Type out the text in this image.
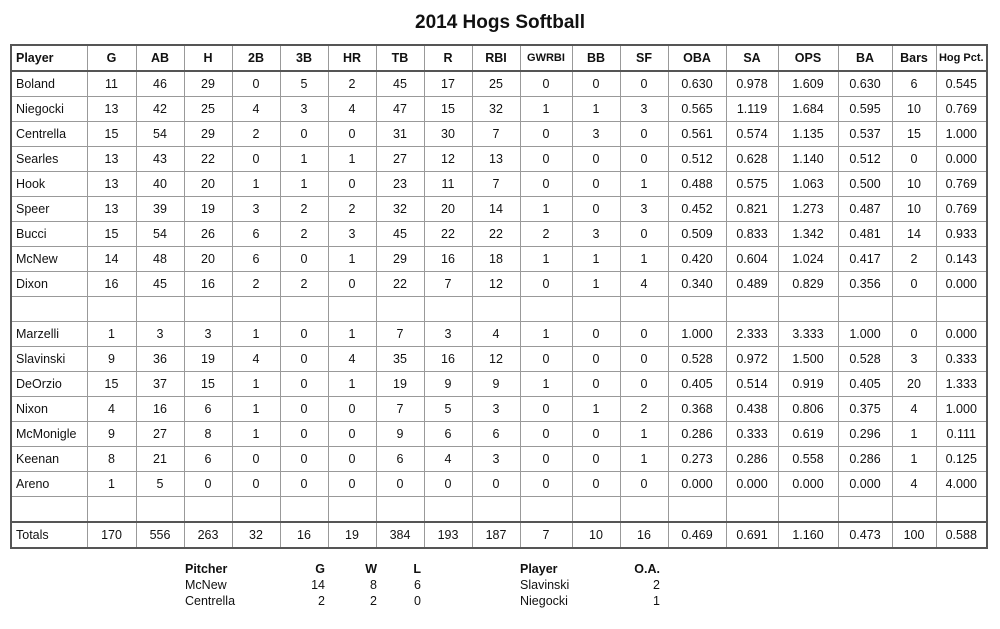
2014 Hogs Softball
Player	G	AB	H	2B	3B	HR	TB	R	RBI	GWRBI	BB	SF	OBA	SA	OPS	BA	Bars	Hog Pct.
Boland	11	46	29	0	5	2	45	17	25	0	0	0	0.630	0.978	1.609	0.630	6	0.545
Niegocki	13	42	25	4	3	4	47	15	32	1	1	3	0.565	1.119	1.684	0.595	10	0.769
Centrella	15	54	29	2	0	0	31	30	7	0	3	0	0.561	0.574	1.135	0.537	15	1.000
Searles	13	43	22	0	1	1	27	12	13	0	0	0	0.512	0.628	1.140	0.512	0	0.000
Hook	13	40	20	1	1	0	23	11	7	0	0	1	0.488	0.575	1.063	0.500	10	0.769
Speer	13	39	19	3	2	2	32	20	14	1	0	3	0.452	0.821	1.273	0.487	10	0.769
Bucci	15	54	26	6	2	3	45	22	22	2	3	0	0.509	0.833	1.342	0.481	14	0.933
McNew	14	48	20	6	0	1	29	16	18	1	1	1	0.420	0.604	1.024	0.417	2	0.143
Dixon	16	45	16	2	2	0	22	7	12	0	1	4	0.340	0.489	0.829	0.356	0	0.000

Marzelli	1	3	3	1	0	1	7	3	4	1	0	0	1.000	2.333	3.333	1.000	0	0.000
Slavinski	9	36	19	4	0	4	35	16	12	0	0	0	0.528	0.972	1.500	0.528	3	0.333
DeOrzio	15	37	15	1	0	1	19	9	9	1	0	0	0.405	0.514	0.919	0.405	20	1.333
Nixon	4	16	6	1	0	0	7	5	3	0	1	2	0.368	0.438	0.806	0.375	4	1.000
McMonigle	9	27	8	1	0	0	9	6	6	0	0	1	0.286	0.333	0.619	0.296	1	0.111
Keenan	8	21	6	0	0	0	6	4	3	0	0	1	0.273	0.286	0.558	0.286	1	0.125
Areno	1	5	0	0	0	0	0	0	0	0	0	0	0.000	0.000	0.000	0.000	4	4.000

Totals	170	556	263	32	16	19	384	193	187	7	10	16	0.469	0.691	1.160	0.473	100	0.588
Pitcher	G	W	L
McNew	14	8	6
Centrella	2	2	0
Player	O.A.
Slavinski	2
Niegocki	1
